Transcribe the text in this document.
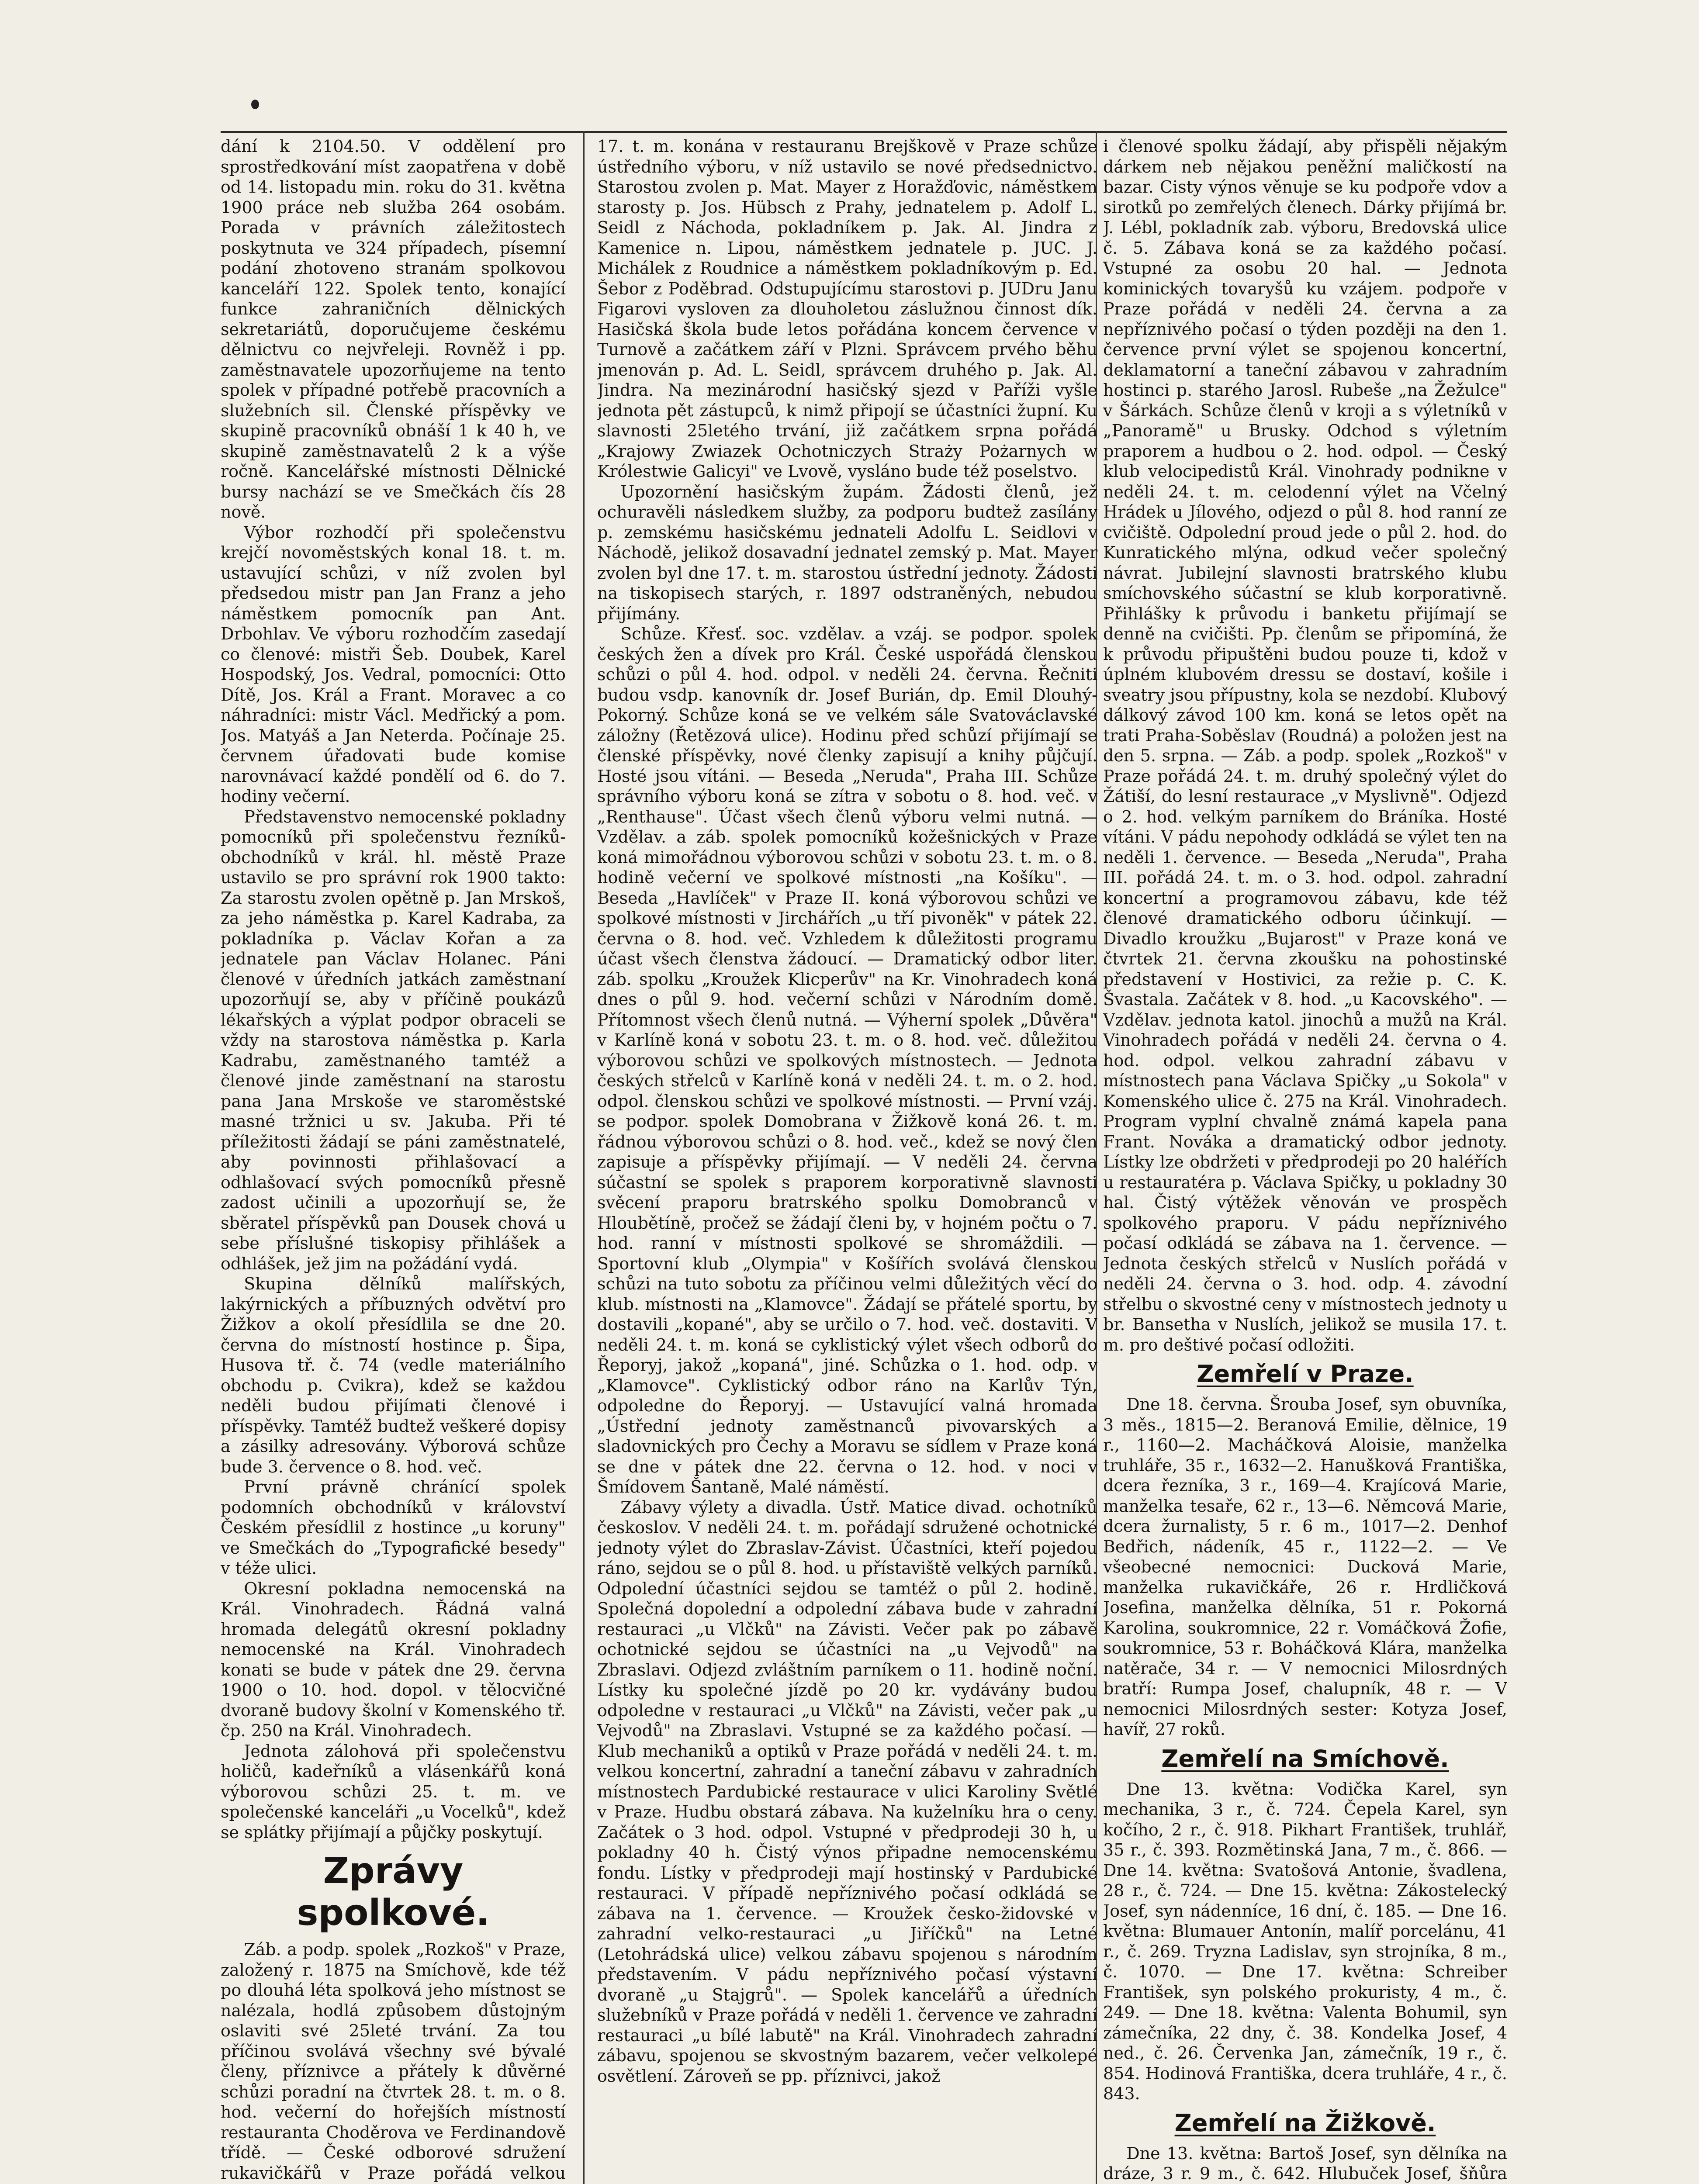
dání k 2104.50. V oddělení pro sprostředkování míst zaopatřena v době od 14. listopadu min. roku do 31. května 1900 práce neb služba 264 osobám. Porada v právních záležitostech poskytnuta ve 324 případech, písemní podání zhotoveno stranám spolkovou kanceláří 122. Spolek tento, konající funkce zahraničních dělnických sekretariátů, doporučujeme českému dělnictvu co nejvřeleji. Rovněž i pp. zaměstnavatele upozorňujeme na tento spolek v případné potřebě pracovních a služebních sil. Členské příspěvky ve skupině pracovníků obnáší 1 k 40 h, ve skupině zaměstnavatelů 2 k a výše ročně. Kancelářské místnosti Dělnické bursy nachází se ve Smečkách čís 28 nově.

Výbor rozhodčí při společenstvu krejčí novoměstských konal 18. t. m. ustavující schůzi, v níž zvolen byl předsedou mistr pan Jan Franz a jeho náměstkem pomocník pan Ant. Drbohlav. Ve výboru rozhodčím zasedají co členové: mistři Šeb. Doubek, Karel Hospodský, Jos. Vedral, pomocníci: Otto Dítě, Jos. Král a Frant. Moravec a co náhradníci: mistr Václ. Medřický a pom. Jos. Matyáš a Jan Neterda. Počínaje 25. červnem úřadovati bude komise narovnávací každé pondělí od 6. do 7. hodiny večerní.

Představenstvo nemocenské pokladny pomocníků při společenstvu řezníků-obchodníků v král. hl. městě Praze ustavilo se pro správní rok 1900 takto: Za starostu zvolen opětně p. Jan Mrskoš, za jeho náměstka p. Karel Kadraba, za pokladníka p. Václav Kořan a za jednatele pan Václav Holanec. Páni členové v úředních jatkách zaměstnaní upozorňují se, aby v příčině poukázů lékařských a výplat podpor obraceli se vždy na starostova náměstka p. Karla Kadrabu, zaměstnaného tamtéž a členové jinde zaměstnaní na starostu pana Jana Mrskoše ve staroměstské masné tržnici u sv. Jakuba. Při té příležitosti žádají se páni zaměstnatelé, aby povinnosti přihlašovací a odhlašovací svých pomocníků přesně zadost učinili a upozorňují se, že sběratel příspěvků pan Dousek chová u sebe příslušné tiskopisy přihlášek a odhlášek, jež jim na požádání vydá.

Skupina dělníků malířských, lakýrnických a příbuzných odvětví pro Žižkov a okolí přesídlila se dne 20. června do místností hostince p. Šipa, Husova tř. č. 74 (vedle materiálního obchodu p. Cvikra), kdež se každou neděli budou přijímati členové i příspěvky. Tamtéž budtež veškeré dopisy a zásilky adresovány. Výborová schůze bude 3. července o 8. hod. več.

První právně chránící spolek podomních obchodníků v království Českém přesídlil z hostince „u koruny" ve Smečkách do „Typografické besedy" v téže ulici.

Okresní pokladna nemocenská na Král. Vinohradech. Řádná valná hromada delegátů okresní pokladny nemocenské na Král. Vinohradech konati se bude v pátek dne 29. června 1900 o 10. hod. dopol. v tělocvičné dvoraně budovy školní v Komenského tř. čp. 250 na Král. Vinohradech.

Jednota zálohová při společenstvu holičů, kadeřníků a vlásenkářů koná výborovou schůzi 25. t. m. ve společenské kanceláři „u Vocelků", kdež se splátky přijímají a půjčky poskytují.

Zprávy spolkové.

Záb. a podp. spolek „Rozkoš" v Praze, založený r. 1875 na Smíchově, kde též po dlouhá léta spolková jeho místnost se nalézala, hodlá způsobem důstojným oslaviti své 25leté trvání. Za tou příčinou svolává všechny své bývalé členy, příznivce a přátely k důvěrné schůzi poradní na čtvrtek 28. t. m. o 8. hod. večerní do hořejších místností restauranta Choděrova ve Ferdinandově třídě. — České odborové sdružení rukavičkářů v Praze pořádá velkou

17. t. m. konána v restauranu Brejškově v Praze schůze ústředního výboru, v níž ustavilo se nové předsednictvo. Starostou zvolen p. Mat. Mayer z Horažďovic, náměstkem starosty p. Jos. Hübsch z Prahy, jednatelem p. Adolf L. Seidl z Náchoda, pokladníkem p. Jak. Al. Jindra z Kamenice n. Lipou, náměstkem jednatele p. JUC. J. Michálek z Roudnice a náměstkem pokladníkovým p. Ed. Šebor z Poděbrad. Odstupujícímu starostovi p. JUDru Janu Figarovi vysloven za dlouholetou záslužnou činnost dík. Hasičská škola bude letos pořádána koncem července v Turnově a začátkem září v Plzni. Správcem prvého běhu jmenován p. Ad. L. Seidl, správcem druhého p. Jak. Al. Jindra. Na mezinárodní hasičský sjezd v Paříži vyšle jednota pět zástupců, k nimž připojí se účastníci župní. Ku slavnosti 25letého trvání, již začátkem srpna pořádá „Krajowy Zwiazek Ochotniczych Straży Pożarnych w Królestwie Galicyi" ve Lvově, vysláno bude též poselstvo.

Upozornění hasičským župám. Žádosti členů, jež ochuravěli následkem služby, za podporu budtež zasílány p. zemskému hasičskému jednateli Adolfu L. Seidlovi v Náchodě, jelikož dosavadní jednatel zemský p. Mat. Mayer zvolen byl dne 17. t. m. starostou ústřední jednoty. Žádosti na tiskopisech starých, r. 1897 odstraněných, nebudou přijímány.

Schůze. Křesť. soc. vzdělav. a vzáj. se podpor. spolek českých žen a dívek pro Král. České uspořádá členskou schůzi o půl 4. hod. odpol. v neděli 24. června. Řečniti budou vsdp. kanovník dr. Josef Burián, dp. Emil Dlouhý-Pokorný. Schůze koná se ve velkém sále Svatováclavské záložny (Řetězová ulice). Hodinu před schůzí přijímají se členské příspěvky, nové členky zapisují a knihy půjčují. Hosté jsou vítáni. — Beseda „Neruda", Praha III. Schůze správního výboru koná se zítra v sobotu o 8. hod. več. v „Renthause". Účast všech členů výboru velmi nutná. — Vzdělav. a záb. spolek pomocníků kožešnických v Praze koná mimořádnou výborovou schůzi v sobotu 23. t. m. o 8. hodině večerní ve spolkové místnosti „na Košíku". — Beseda „Havlíček" v Praze II. koná výborovou schůzi ve spolkové místnosti v Jirchářích „u tří pivoněk" v pátek 22. června o 8. hod. več. Vzhledem k důležitosti programu účast všech členstva žádoucí. — Dramatický odbor liter. záb. spolku „Kroužek Klicperův" na Kr. Vinohradech koná dnes o půl 9. hod. večerní schůzi v Národním domě. Přítomnost všech členů nutná. — Výherní spolek „Důvěra" v Karlíně koná v sobotu 23. t. m. o 8. hod. več. důležitou výborovou schůzi ve spolkových místnostech. — Jednota českých střelců v Karlíně koná v neděli 24. t. m. o 2. hod. odpol. členskou schůzi ve spolkové místnosti. — První vzáj. se podpor. spolek Domobrana v Žižkově koná 26. t. m. řádnou výborovou schůzi o 8. hod. več., kdež se nový člen zapisuje a příspěvky přijímají. — V neděli 24. června súčastní se spolek s praporem korporativně slavnosti svěcení praporu bratrského spolku Domobranců v Hloubětíně, pročež se žádají členi by, v hojném počtu o 7. hod. ranní v místnosti spolkové se shromáždili. — Sportovní klub „Olympia" v Košířích svolává členskou schůzi na tuto sobotu za příčinou velmi důležitých věcí do klub. místnosti na „Klamovce". Žádají se přátelé sportu, by dostavili „kopané", aby se určilo o 7. hod. več. dostaviti. V neděli 24. t. m. koná se cyklistický výlet všech odborů do Řeporyj, jakož „kopaná", jiné. Schůzka o 1. hod. odp. v „Klamovce". Cyklistický odbor ráno na Karlův Týn, odpoledne do Řeporyj. — Ustavující valná hromada „Ústřední jednoty zaměstnanců pivovarských a sladovnických pro Čechy a Moravu se sídlem v Praze koná se dne v pátek dne 22. června o 12. hod. v noci v Šmídovem Šantaně, Malé náměstí.

Zábavy výlety a divadla. Ústř. Matice divad. ochotníků českoslov. V neděli 24. t. m. pořádají sdružené ochotnické jednoty výlet do Zbraslav-Závist. Účastníci, kteří pojedou ráno, sejdou se o půl 8. hod. u přístaviště velkých parníků. Odpolední účastníci sejdou se tamtéž o půl 2. hodině. Společná dopolední a odpolední zábava bude v zahradní restauraci „u Vlčků" na Závisti. Večer pak po zábavě ochotnické sejdou se účastníci na „u Vejvodů" na Zbraslavi. Odjezd zvláštním parníkem o 11. hodině noční. Lístky ku společné jízdě po 20 kr. vydávány budou odpoledne v restauraci „u Vlčků" na Závisti, večer pak „u Vejvodů" na Zbraslavi. Vstupné se za každého počasí. — Klub mechaniků a optiků v Praze pořádá v neděli 24. t. m. velkou koncertní, zahradní a taneční zábavu v zahradních místnostech Pardubické restaurace v ulici Karoliny Světlé v Praze. Hudbu obstará zábava. Na kuželníku hra o ceny. Začátek o 3 hod. odpol. Vstupné v předprodeji 30 h, u pokladny 40 h. Čistý výnos připadne nemocenskému fondu. Lístky v předprodeji mají hostinský v Pardubické restauraci. V případě nepříznivého počasí odkládá se zábava na 1. července. — Kroužek česko-židovské v zahradní velko-restauraci „u Jiříčků" na Letné (Letohrádská ulice) velkou zábavu spojenou s národním představením. V pádu nepříznivého počasí výstavní dvoraně „u Stajgrů". — Spolek kancelářů a úředních služebníků v Praze pořádá v neděli 1. července ve zahradní restauraci „u bílé labutě" na Král. Vinohradech zahradní zábavu, spojenou se skvostným bazarem, večer velkolepé osvětlení. Zároveň se pp. příznivci, jakož

i členové spolku žádají, aby přispěli nějakým dárkem neb nějakou peněžní maličkostí na bazar. Cisty výnos věnuje se ku podpoře vdov a sirotků po zemřelých členech. Dárky přijímá br. J. Lébl, pokladník zab. výboru, Bredovská ulice č. 5. Zábava koná se za každého počasí. Vstupné za osobu 20 hal. — Jednota kominických tovaryšů ku vzájem. podpoře v Praze pořádá v neděli 24. června a za nepříznivého počasí o týden později na den 1. července první výlet se spojenou koncertní, deklamatorní a taneční zábavou v zahradním hostinci p. starého Jarosl. Rubeše „na Žežulce" v Šárkách. Schůze členů v kroji a s výletníků v „Panoramě" u Brusky. Odchod s výletním praporem a hudbou o 2. hod. odpol. — Český klub velocipedistů Král. Vinohrady podnikne v neděli 24. t. m. celodenní výlet na Včelný Hrádek u Jílového, odjezd o půl 8. hod ranní ze cvičiště. Odpolední proud jede o půl 2. hod. do Kunratického mlýna, odkud večer společný návrat. Jubilejní slavnosti bratrského klubu smíchovského súčastní se klub korporativně. Přihlášky k průvodu i banketu přijímají se denně na cvičišti. Pp. členům se připomíná, že k průvodu připuštěni budou pouze ti, kdož v úplném klubovém dressu se dostaví, košile i sveatry jsou přípustny, kola se nezdobí. Klubový dálkový závod 100 km. koná se letos opět na trati Praha-Soběslav (Roudná) a položen jest na den 5. srpna. — Záb. a podp. spolek „Rozkoš" v Praze pořádá 24. t. m. druhý společný výlet do Žátiší, do lesní restaurace „v Myslivně". Odjezd o 2. hod. velkým parníkem do Bráníka. Hosté vítáni. V pádu nepohody odkládá se výlet ten na neděli 1. července. — Beseda „Neruda", Praha III. pořádá 24. t. m. o 3. hod. odpol. zahradní koncertní a programovou zábavu, kde též členové dramatického odboru účinkují. — Divadlo kroužku „Bujarost" v Praze koná ve čtvrtek 21. června zkoušku na pohostinské představení v Hostivici, za režie p. C. K. Švastala. Začátek v 8. hod. „u Kacovského". — Vzdělav. jednota katol. jinochů a mužů na Král. Vinohradech pořádá v neděli 24. června o 4. hod. odpol. velkou zahradní zábavu v místnostech pana Václava Spičky „u Sokola" v Komenského ulice č. 275 na Král. Vinohradech. Program vyplní chvalně známá kapela pana Frant. Nováka a dramatický odbor jednoty. Lístky lze obdržeti v předprodeji po 20 haléřích u restauratéra p. Václava Spičky, u pokladny 30 hal. Čistý výtěžek věnován ve prospěch spolkového praporu. V pádu nepříznivého počasí odkládá se zábava na 1. července. — Jednota českých střelců v Nuslích pořádá v neděli 24. června o 3. hod. odp. 4. závodní střelbu o skvostné ceny v místnostech jednoty u br. Bansetha v Nuslích, jelikož se musila 17. t. m. pro deštivé počasí odložiti.

Zemřelí v Praze.

Dne 18. června. Šrouba Josef, syn obuvníka, 3 měs., 1815—2. Beranová Emilie, dělnice, 19 r., 1160—2. Macháčková Aloisie, manželka truhláře, 35 r., 1632—2. Hanušková Františka, dcera řezníka, 3 r., 169—4. Krajícová Marie, manželka tesaře, 62 r., 13—6. Němcová Marie, dcera žurnalisty, 5 r. 6 m., 1017—2. Denhof Bedřich, nádeník, 45 r., 1122—2. — Ve všeobecné nemocnici: Ducková Marie, manželka rukavičkáře, 26 r. Hrdličková Josefina, manželka dělníka, 51 r. Pokorná Karolina, soukromnice, 22 r. Vomáčková Žofie, soukromnice, 53 r. Boháčková Klára, manželka natěrače, 34 r. — V nemocnici Milosrdných bratří: Rumpa Josef, chalupník, 48 r. — V nemocnici Milosrdných sester: Kotyza Josef, havíř, 27 roků.

Zemřelí na Smíchově.

Dne 13. května: Vodička Karel, syn mechanika, 3 r., č. 724. Čepela Karel, syn kočího, 2 r., č. 918. Pikhart František, truhlář, 35 r., č. 393. Rozmětinská Jana, 7 m., č. 866. — Dne 14. května: Svatošová Antonie, švadlena, 28 r., č. 724. — Dne 15. května: Zákostelecký Josef, syn nádenníce, 16 dní, č. 185. — Dne 16. května: Blumauer Antonín, malíř porcelánu, 41 r., č. 269. Tryzna Ladislav, syn strojníka, 8 m., č. 1070. — Dne 17. května: Schreiber František, syn polského prokuristy, 4 m., č. 249. — Dne 18. května: Valenta Bohumil, syn zámečníka, 22 dny, č. 38. Kondelka Josef, 4 ned., č. 26. Červenka Jan, zámečník, 19 r., č. 854. Hodinová Františka, dcera truhláře, 4 r., č. 843.

Zemřelí na Žižkově.

Dne 13. května: Bartoš Josef, syn dělníka na dráze, 3 r. 9 m., č. 642. Hlubuček Josef, šňůra
